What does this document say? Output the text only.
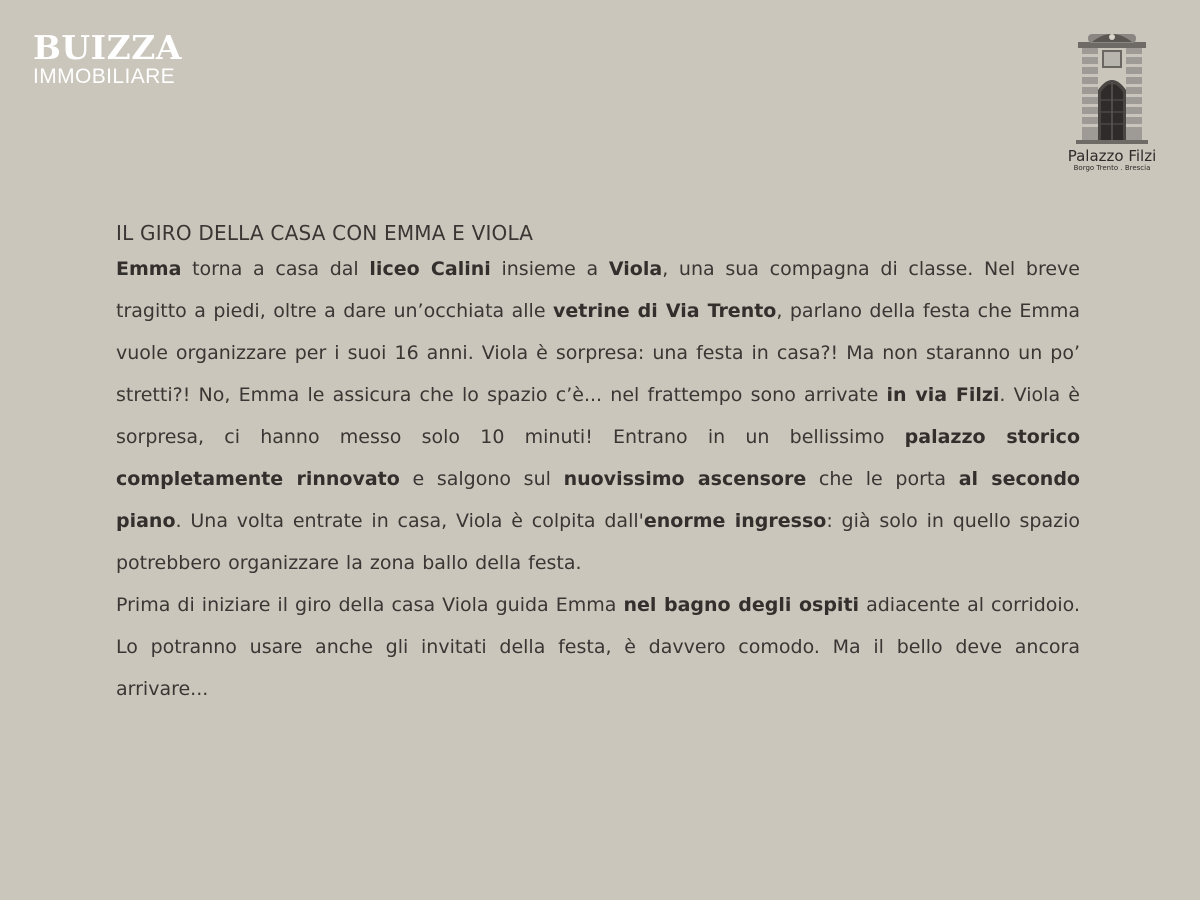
BUIZZA
IMMOBILIARE
Palazzo Filzi
Borgo Trento . Brescia
IL GIRO DELLA CASA CON EMMA E VIOLA

Emma torna a casa dal liceo Calini insieme a Viola, una sua compagna di classe. Nel breve tragitto a piedi, oltre a dare un’occhiata alle vetrine di Via Trento, parlano della festa che Emma vuole organizzare per i suoi 16 anni. Viola è sorpresa: una festa in casa?! Ma non staranno un po’ stretti?! No, Emma le assicura che lo spazio c’è... nel frattempo sono arrivate in via Filzi. Viola è sorpresa, ci hanno messo solo 10 minuti! Entrano in un bellissimo palazzo storico completamente rinnovato e salgono sul nuovissimo ascensore che le porta al secondo piano. Una volta entrate in casa, Viola è colpita dall'enorme ingresso: già solo in quello spazio potrebbero organizzare la zona ballo della festa.

Prima di iniziare il giro della casa Viola guida Emma nel bagno degli ospiti adiacente al corridoio. Lo potranno usare anche gli invitati della festa, è davvero comodo. Ma il bello deve ancora arrivare...
